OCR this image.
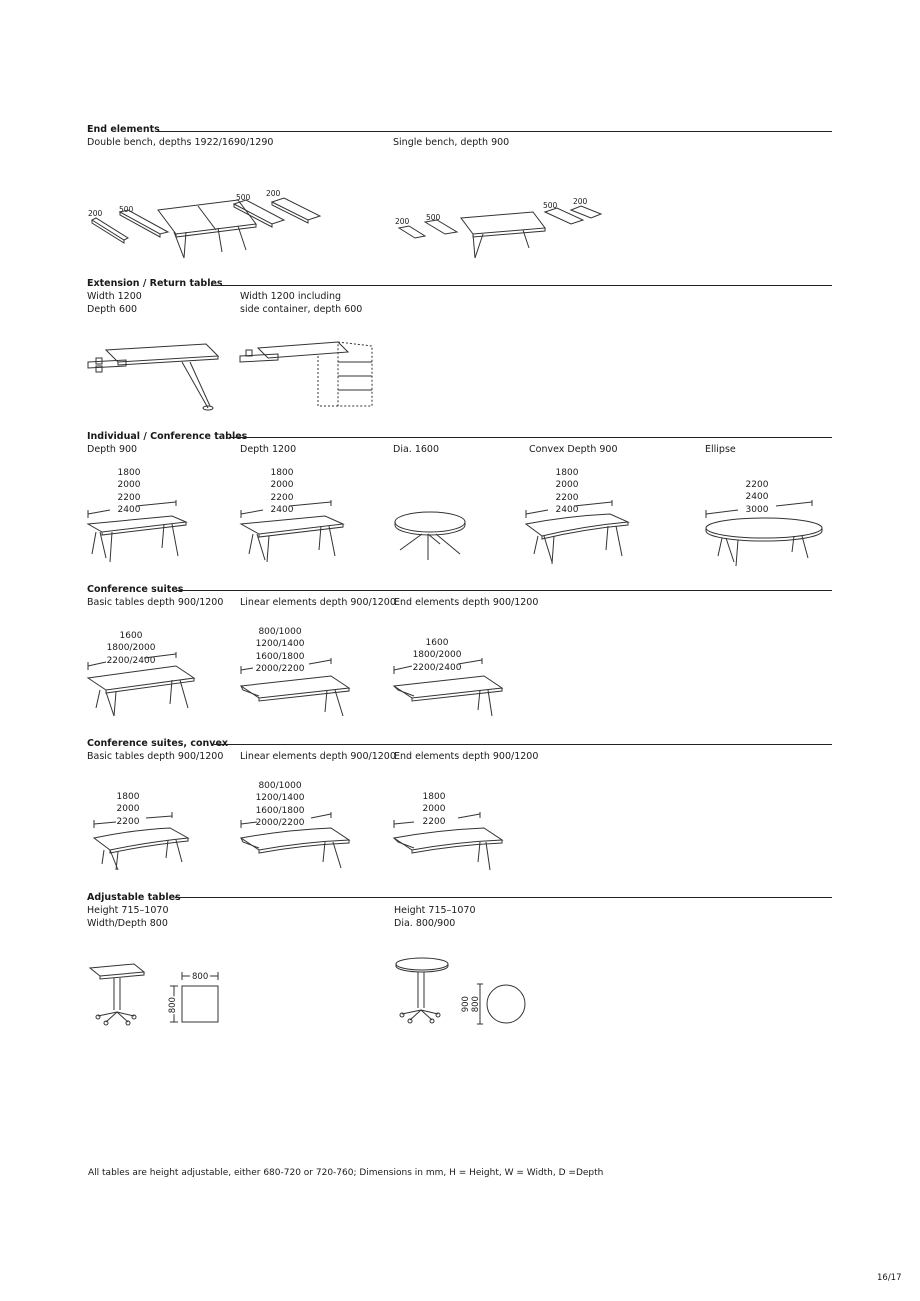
End elements
Double bench, depths 1922/1690/1290	Single bench, depth 900
200 500
500 200
200 500
500 200
Extension / Return tables
Width 1200
Depth 600
Width 1200 including
side container, depth 600
Individual / Conference tables
Depth 900	Depth 1200	Dia. 1600	Convex Depth 900	Ellipse
1800
2000
2200
2400
1800
2000
2200
2400
1800
2000
2200
2400
2200
2400
3000
Conference suites
Basic tables depth 900/1200 Linear elements depth 900/1200
End elements depth 900/1200
1600
1800/2000
2200/2400
800/1000
1200/1400
1600/1800
2000/2200
1600
1800/2000
2200/2400
Conference suites, convex
Basic tables depth 900/1200 Linear elements depth 900/1200
End elements depth 900/1200
1800
2000
2200
800/1000
1200/1400
1600/1800
2000/2200
1800
2000
2200
Adjustable tables
Height 715–1070
Width/Depth 800
Height 715–1070
Dia. 800/900
800
800	900 800
All tables are height adjustable, either 680-720 or 720-760; Dimensions in mm, H = Height, W = Width, D =Depth
16/17
